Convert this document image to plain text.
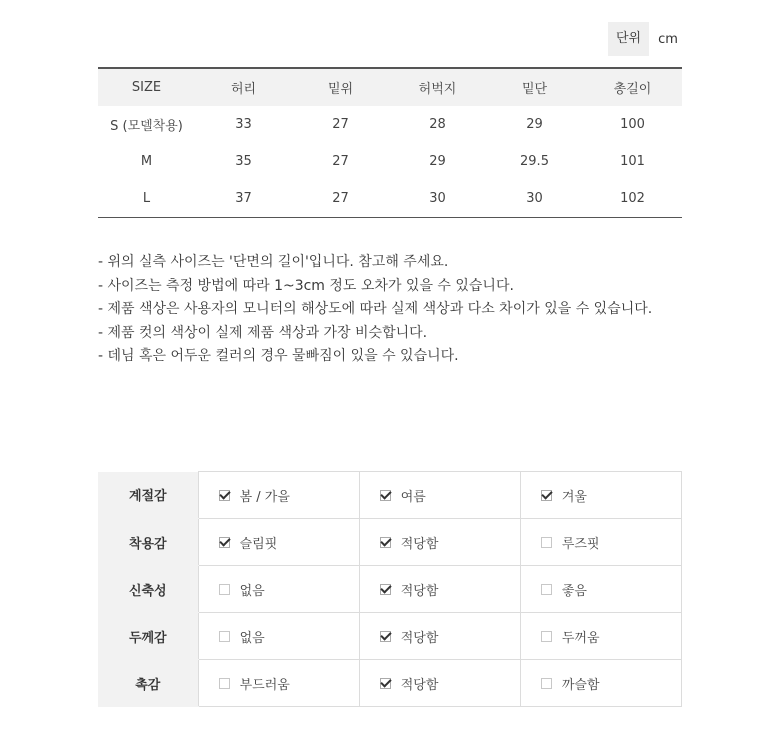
단위	cm
SIZE	허리	밑위	허벅지	밑단	총길이
S (모델착용)	33	27	28	29	100
M	35	27	29	29.5	101
L	37	27	30	30	102
- 위의 실측 사이즈는 '단면의 길이'입니다. 참고해 주세요.
- 사이즈는 측정 방법에 따라 1~3cm 정도 오차가 있을 수 있습니다.
- 제품 색상은 사용자의 모니터의 해상도에 따라 실제 색상과 다소 차이가 있을 수 있습니다.
- 제품 컷의 색상이 실제 제품 색상과 가장 비슷합니다.
- 데님 혹은 어두운 컬러의 경우 물빠짐이 있을 수 있습니다.
계절감	봄 / 가을	여름	겨울

착용감	슬림핏	적당함	루즈핏

신축성	없음	적당함	좋음

두께감	없음	적당함	두꺼움

촉감	부드러움	적당함	까슬함
